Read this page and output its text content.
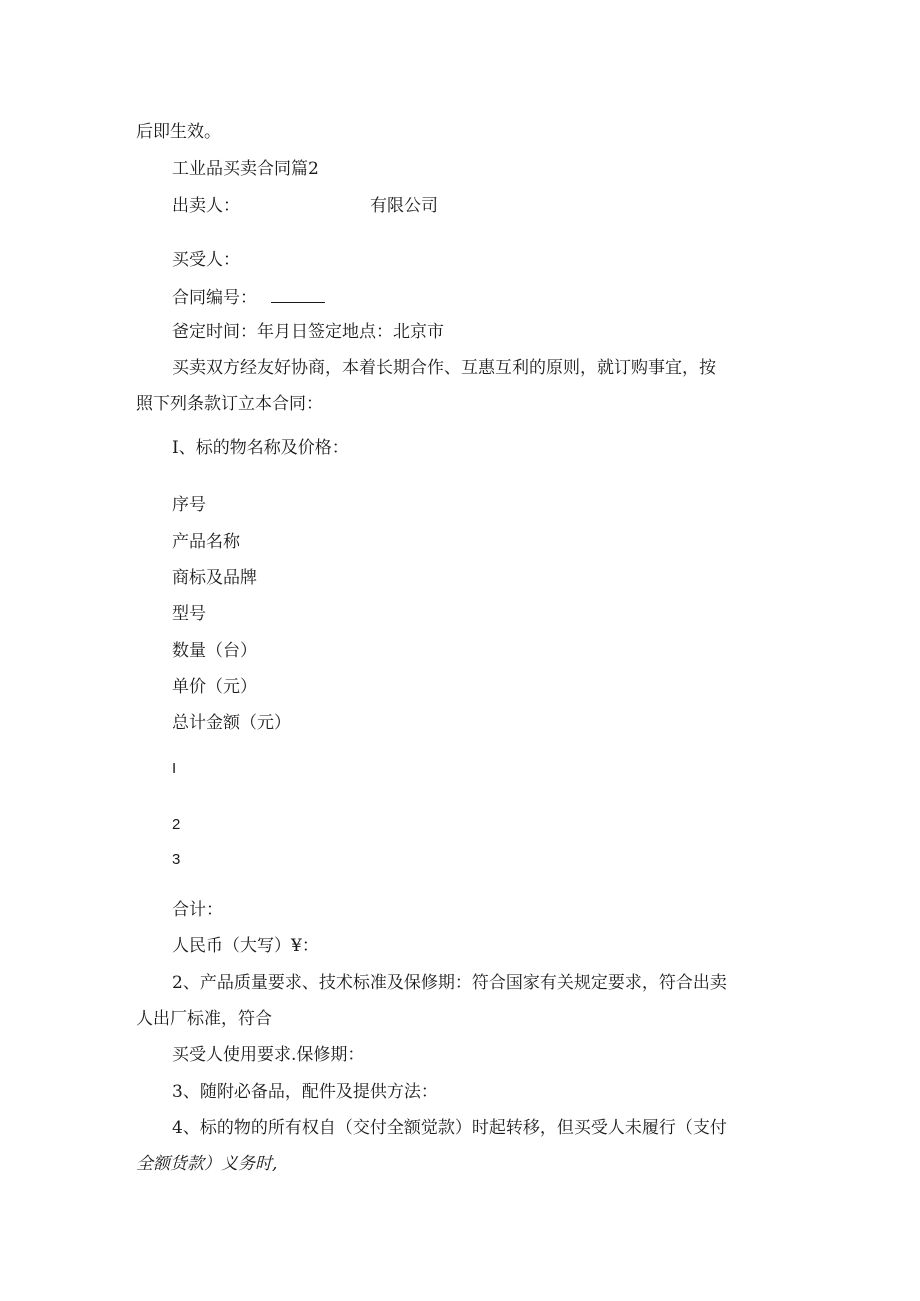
后即生效。
工业品买卖合同篇2
出卖人：	有限公司
买受人：
合同编号：
爸定时间：年月日签定地点：北京市
买卖双方经友好协商，本着长期合作、互惠互利的原则，就订购事宜，按
照下列条款订立本合同：
I、标的物名称及价格：
序号
产品名称
商标及品牌
型号
数量（台）
单价（元）
总计金额（元）
I
2
3
合计：
人民币（大写）¥：
2、产品质量要求、技术标准及保修期：符合国家有关规定要求，符合出卖
人出厂标准，符合
买受人使用要求.保修期：
3、随附必备品，配件及提供方法：
4、标的物的所有权自（交付全额觉款）时起转移，但买受人未履行（支付
全额货款）义务时,
